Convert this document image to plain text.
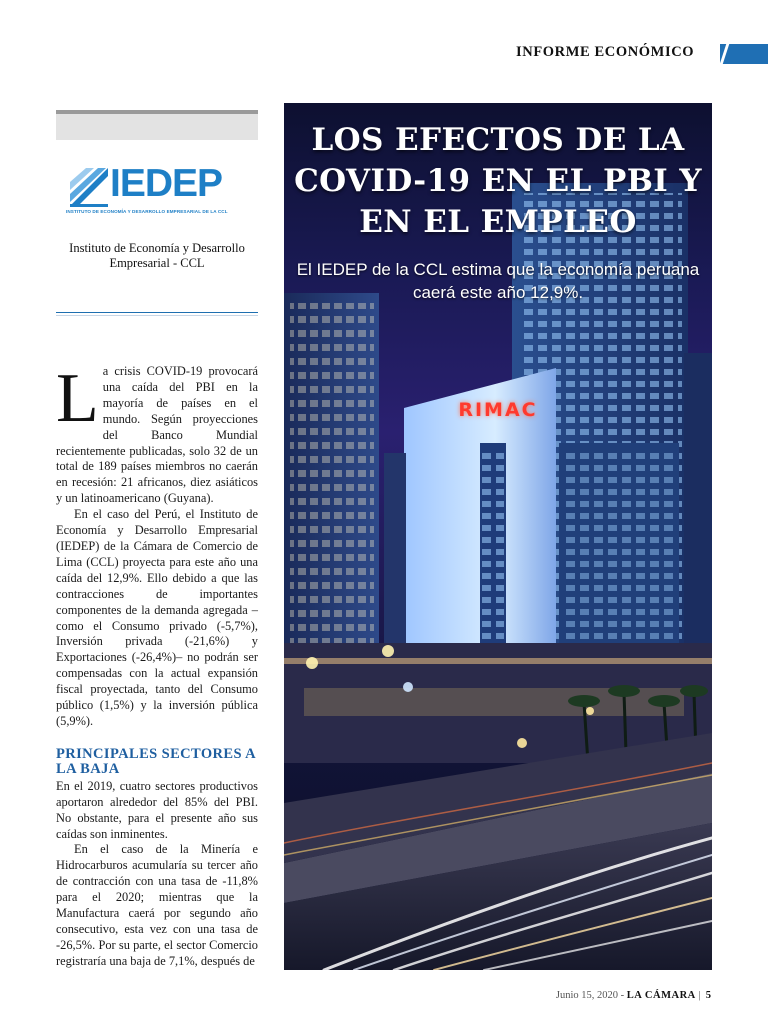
INFORME ECONÓMICO
IEDEP
INSTITUTO DE ECONOMÍA Y DESARROLLO EMPRESARIAL DE LA CCL
Instituto de Economía y Desarrollo Empresarial - CCL

La crisis COVID-19 provocará una caída del PBI en la mayoría de países en el mundo. Según proyecciones del Banco Mundial recientemente publicadas, solo 32 de un total de 189 países miembros no caerán en recesión: 21 africanos, diez asiáticos y un latinoamericano (Guyana).

En el caso del Perú, el Instituto de Economía y Desarrollo Empresarial (IEDEP) de la Cámara de Comercio de Lima (CCL) proyecta para este año una caída del 12,9%. Ello debido a que las contracciones de importantes componentes de la demanda agregada –como el Consumo privado (-5,7%), Inversión privada (-21,6%) y Exportaciones (-26,4%)– no podrán ser compensadas con la actual expansión fiscal proyectada, tanto del Consumo público (1,5%) y la inversión pública (5,9%).

PRINCIPALES SECTORES A LA BAJA

En el 2019, cuatro sectores productivos aportaron alrededor del 85% del PBI. No obstante, para el presente año sus caídas son inminentes.

En el caso de la Minería e Hidrocarburos acumularía su tercer año de contracción con una tasa de -11,8% para el 2020; mientras que la Manufactura caerá por segundo año consecutivo, esta vez con una tasa de -26,5%. Por su parte, el sector Comercio registraría una baja de 7,1%, después de

RIMAC
LOS EFECTOS DE LA COVID-19 EN EL PBI Y EN EL EMPLEO
El IEDEP de la CCL estima que la economía peruana caerá este año 12,9%.
Junio 15, 2020 - LA CÁMARA | 5
